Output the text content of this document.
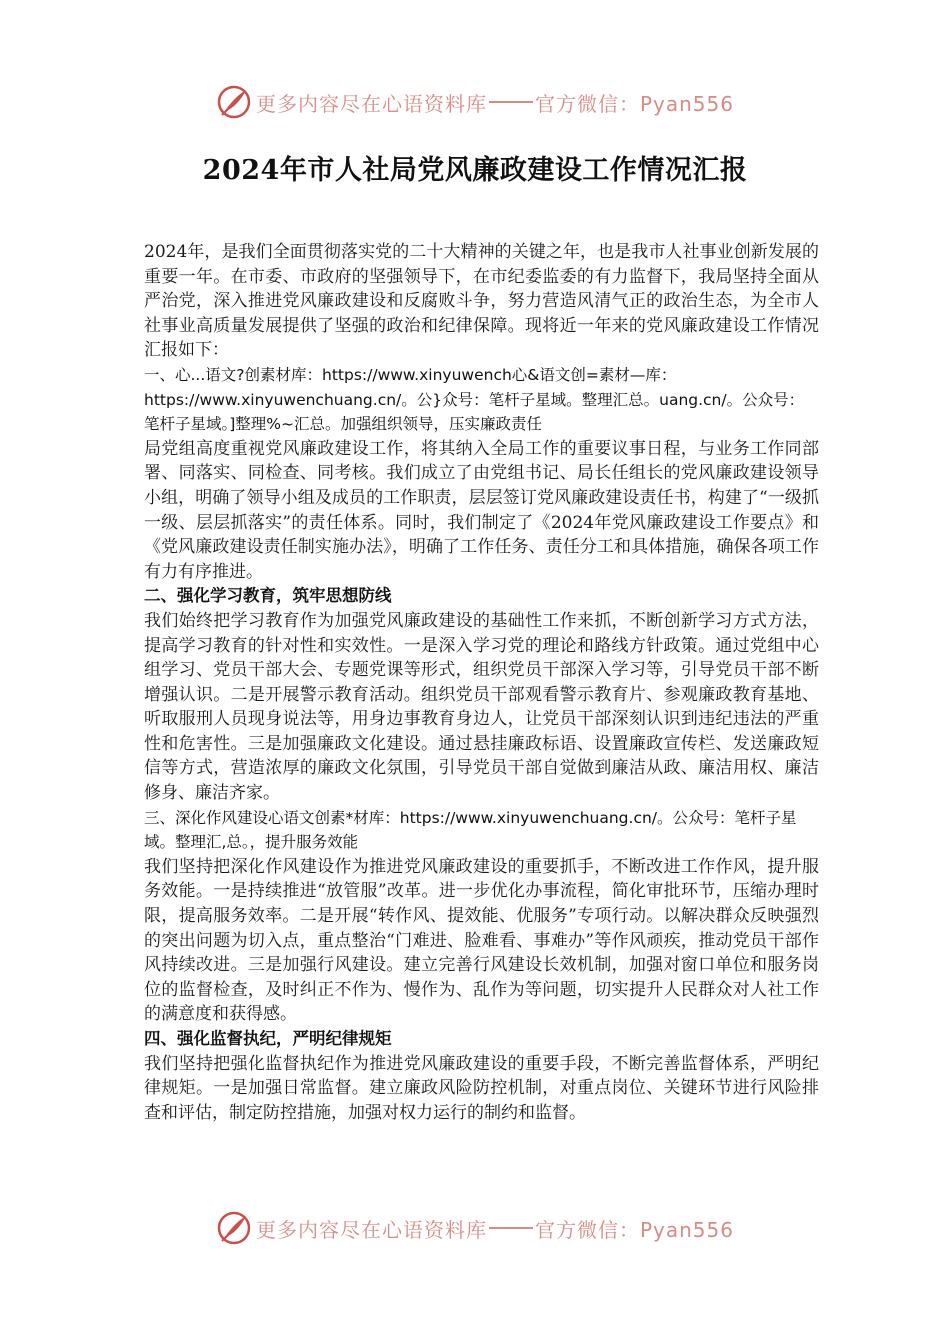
更多内容尽在心语资料库 官方微信：Pyan556
2024年市人社局党风廉政建设工作情况汇报

2024年，是我们全面贯彻落实党的二十大精神的关键之年，也是我市人社事业创新发展的重要一年。在市委、市政府的坚强领导下，在市纪委监委的有力监督下，我局坚持全面从严治党，深入推进党风廉政建设和反腐败斗争，努力营造风清气正的政治生态，为全市人社事业高质量发展提供了坚强的政治和纪律保障。现将近一年来的党风廉政建设工作情况汇报如下：

一、心...语文?创素材库：https://www.xinyuwench心&语文创=素材—库：https://www.xinyuwenchuang.cn/。公}众号：笔杆子星域。整理汇总。uang.cn/。公众号：笔杆子星域。]整理%~汇总。加强组织领导，压实廉政责任

局党组高度重视党风廉政建设工作，将其纳入全局工作的重要议事日程，与业务工作同部署、同落实、同检查、同考核。我们成立了由党组书记、局长任组长的党风廉政建设领导小组，明确了领导小组及成员的工作职责，层层签订党风廉政建设责任书，构建了“一级抓一级、层层抓落实”的责任体系。同时，我们制定了《2024年党风廉政建设工作要点》和《党风廉政建设责任制实施办法》，明确了工作任务、责任分工和具体措施，确保各项工作有力有序推进。

二、强化学习教育，筑牢思想防线

我们始终把学习教育作为加强党风廉政建设的基础性工作来抓，不断创新学习方式方法，提高学习教育的针对性和实效性。一是深入学习党的理论和路线方针政策。通过党组中心组学习、党员干部大会、专题党课等形式，组织党员干部深入学习等，引导党员干部不断增强认识。二是开展警示教育活动。组织党员干部观看警示教育片、参观廉政教育基地、听取服刑人员现身说法等，用身边事教育身边人，让党员干部深刻认识到违纪违法的严重性和危害性。三是加强廉政文化建设。通过悬挂廉政标语、设置廉政宣传栏、发送廉政短信等方式，营造浓厚的廉政文化氛围，引导党员干部自觉做到廉洁从政、廉洁用权、廉洁修身、廉洁齐家。

三、深化作风建设心语文创素*材库：https://www.xinyuwenchuang.cn/。公众号：笔杆子星域。整理汇,总。，提升服务效能

我们坚持把深化作风建设作为推进党风廉政建设的重要抓手，不断改进工作作风，提升服务效能。一是持续推进“放管服”改革。进一步优化办事流程，简化审批环节，压缩办理时限，提高服务效率。二是开展“转作风、提效能、优服务”专项行动。以解决群众反映强烈的突出问题为切入点，重点整治“门难进、脸难看、事难办”等作风顽疾，推动党员干部作风持续改进。三是加强行风建设。建立完善行风建设长效机制，加强对窗口单位和服务岗位的监督检查，及时纠正不作为、慢作为、乱作为等问题，切实提升人民群众对人社工作的满意度和获得感。

四、强化监督执纪，严明纪律规矩

我们坚持把强化监督执纪作为推进党风廉政建设的重要手段，不断完善监督体系，严明纪律规矩。一是加强日常监督。建立廉政风险防控机制，对重点岗位、关键环节进行风险排查和评估，制定防控措施，加强对权力运行的制约和监督。

更多内容尽在心语资料库 官方微信：Pyan556
